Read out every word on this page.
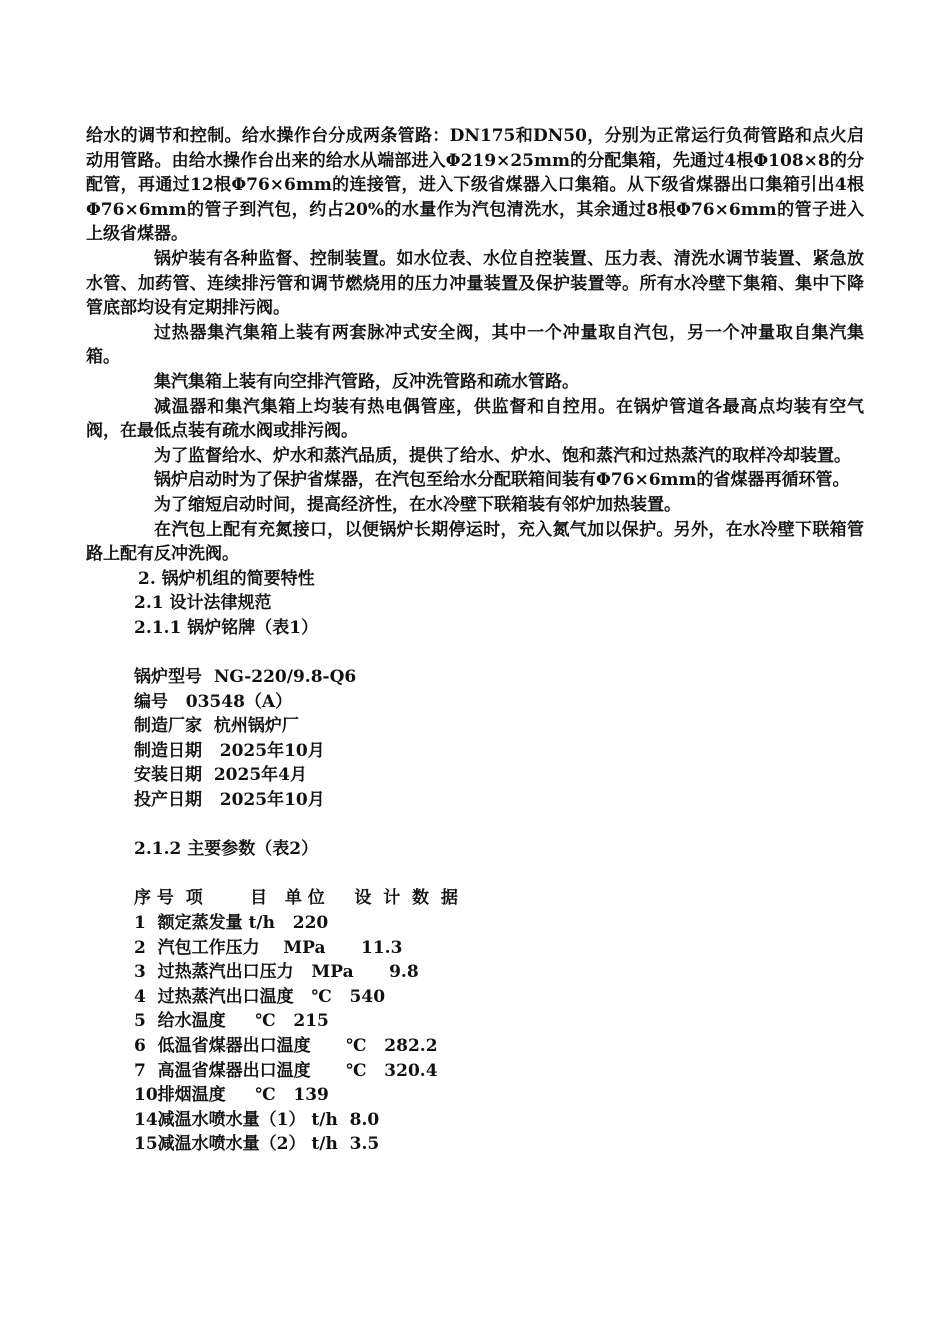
给水的调节和控制。给水操作台分成两条管路：DN175和DN50，分别为正常运行负荷管路和点火启动用管路。由给水操作台出来的给水从端部进入Φ219×25mm的分配集箱，先通过4根Φ108×8的分配管，再通过12根Φ76×6mm的连接管，进入下级省煤器入口集箱。从下级省煤器出口集箱引出4根Φ76×6mm的管子到汽包，约占20%的水量作为汽包清洗水，其余通过8根Φ76×6mm的管子进入上级省煤器。

锅炉装有各种监督、控制装置。如水位表、水位自控装置、压力表、清洗水调节装置、紧急放水管、加药管、连续排污管和调节燃烧用的压力冲量装置及保护装置等。所有水冷壁下集箱、集中下降管底部均设有定期排污阀。

过热器集汽集箱上装有两套脉冲式安全阀，其中一个冲量取自汽包，另一个冲量取自集汽集箱。

集汽集箱上装有向空排汽管路，反冲洗管路和疏水管路。

减温器和集汽集箱上均装有热电偶管座，供监督和自控用。在锅炉管道各最高点均装有空气阀，在最低点装有疏水阀或排污阀。

为了监督给水、炉水和蒸汽品质，提供了给水、炉水、饱和蒸汽和过热蒸汽的取样冷却装置。

锅炉启动时为了保护省煤器，在汽包至给水分配联箱间装有Φ76×6mm的省煤器再循环管。

为了缩短启动时间，提高经济性，在水冷壁下联箱装有邻炉加热装置。

在汽包上配有充氮接口，以便锅炉长期停运时，充入氮气加以保护。另外，在水冷壁下联箱管路上配有反冲洗阀。

2. 锅炉机组的简要特性

2.1 设计法律规范

2.1.1 锅炉铭牌（表1）

锅炉型号  NG-220/9.8-Q6

编号   03548（A）

制造厂家  杭州锅炉厂

制造日期   2025年10月

安装日期  2025年4月

投产日期   2025年10月

2.1.2 主要参数（表2）

序 号  项        目   单 位     设  计  数  据

1  额定蒸发量 t/h   220

2  汽包工作压力    MPa      11.3

3  过热蒸汽出口压力   MPa      9.8

4  过热蒸汽出口温度   ℃   540

5  给水温度     ℃   215

6  低温省煤器出口温度      ℃   282.2

7  高温省煤器出口温度      ℃   320.4

10排烟温度     ℃   139

14减温水喷水量（1） t/h  8.0

15减温水喷水量（2） t/h  3.5
